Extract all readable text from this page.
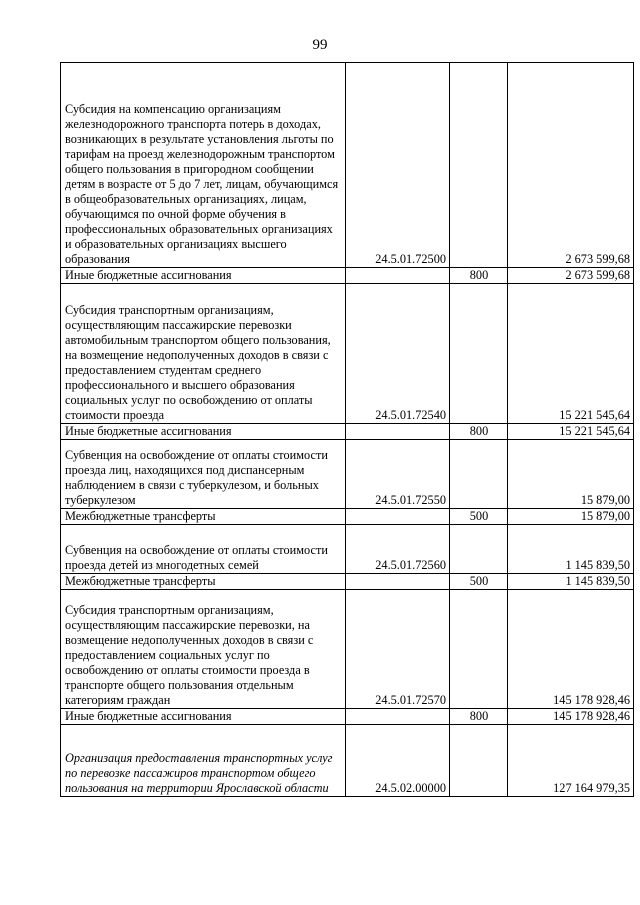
99
Субсидия на компенсацию организациям железнодорожного транспорта потерь в доходах, возникающих в результате установления льготы по тарифам на проезд железнодорожным транспортом общего пользования в пригородном сообщении детям в возрасте от 5 до 7 лет, лицам, обучающимся в общеобразовательных организациях, лицам, обучающимся по очной форме обучения в профессиональных образовательных организациях и образовательных организациях высшего образования	24.5.01.72500		2 673 599,68
Иные бюджетные ассигнования		800	2 673 599,68
Субсидия транспортным организациям, осуществляющим пассажирские перевозки автомобильным транспортом общего пользования, на возмещение недополученных доходов в связи с предоставлением студентам среднего профессионального и высшего образования социальных услуг по освобождению от оплаты стоимости проезда	24.5.01.72540		15 221 545,64
Иные бюджетные ассигнования		800	15 221 545,64
Субвенция на освобождение от оплаты стоимости проезда лиц, находящихся под диспансерным наблюдением в связи с туберкулезом, и больных туберкулезом	24.5.01.72550		15 879,00
Межбюджетные трансферты		500	15 879,00
Субвенция на освобождение от оплаты стоимости проезда детей из многодетных семей	24.5.01.72560		1 145 839,50
Межбюджетные трансферты		500	1 145 839,50
Субсидия транспортным организациям, осуществляющим пассажирские перевозки, на возмещение недополученных доходов в связи с предоставлением социальных услуг по освобождению от оплаты стоимости проезда в транспорте общего пользования отдельным категориям граждан	24.5.01.72570		145 178 928,46
Иные бюджетные ассигнования		800	145 178 928,46
Организация предоставления транспортных услуг по перевозке пассажиров транспортом общего пользования на территории Ярославской области	24.5.02.00000		127 164 979,35
